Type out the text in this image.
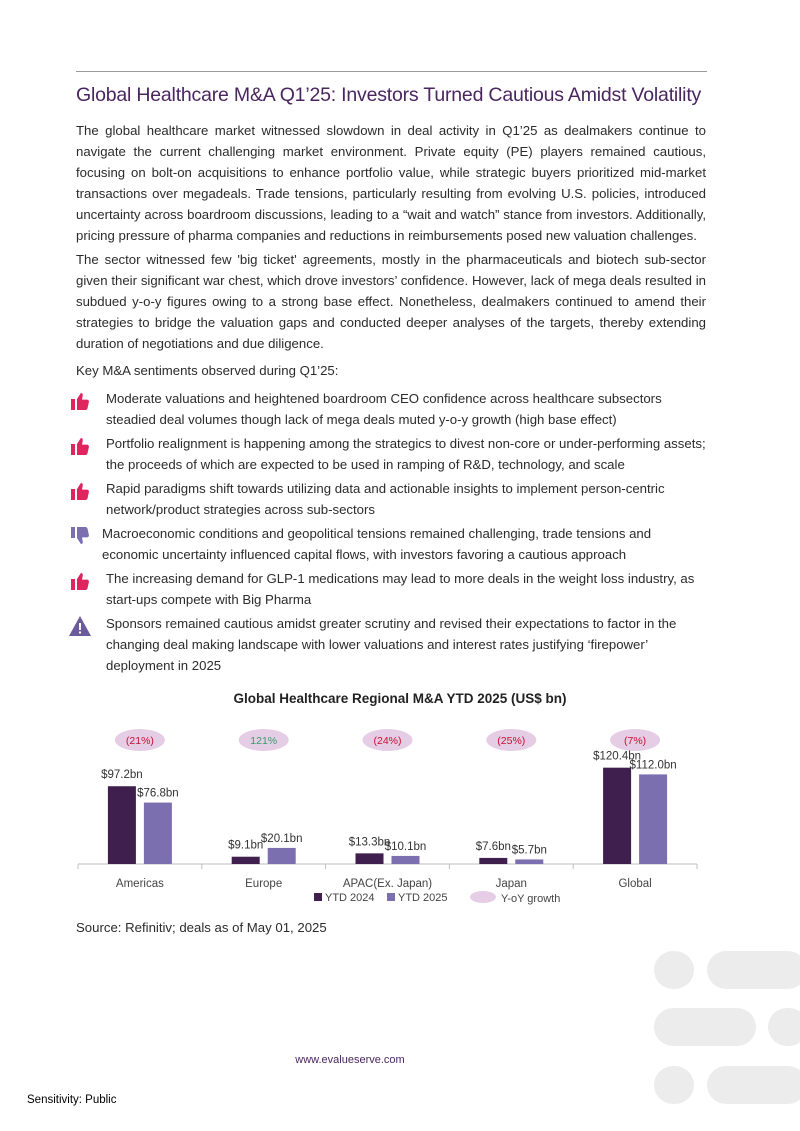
Global Healthcare M&A Q1’25: Investors Turned Cautious Amidst Volatility

The global healthcare market witnessed slowdown in deal activity in Q1’25 as dealmakers continue to navigate the current challenging market environment. Private equity (PE) players remained cautious, focusing on bolt-on acquisitions to enhance portfolio value, while strategic buyers prioritized mid-market transactions over megadeals. Trade tensions, particularly resulting from evolving U.S. policies, introduced uncertainty across boardroom discussions, leading to a “wait and watch” stance from investors. Additionally, pricing pressure of pharma companies and reductions in reimbursements posed new valuation challenges.

The sector witnessed few 'big ticket' agreements, mostly in the pharmaceuticals and biotech sub-sector given their significant war chest, which drove investors’ confidence. However, lack of mega deals resulted in subdued y-o-y figures owing to a strong base effect. Nonetheless, dealmakers continued to amend their strategies to bridge the valuation gaps and conducted deeper analyses of the targets, thereby extending duration of negotiations and due diligence.

Key M&A sentiments observed during Q1’25:
Moderate valuations and heightened boardroom CEO confidence across healthcare subsectors steadied deal volumes though lack of mega deals muted y-o-y growth (high base effect)
Portfolio realignment is happening among the strategics to divest non-core or under-performing assets; the proceeds of which are expected to be used in ramping of R&D, technology, and scale
Rapid paradigms shift towards utilizing data and actionable insights to implement person-centric network/product strategies across sub-sectors
Macroeconomic conditions and geopolitical tensions remained challenging, trade tensions and economic uncertainty influenced capital flows, with investors favoring a cautious approach
The increasing demand for GLP-1 medications may lead to more deals in the weight loss industry, as start-ups compete with Big Pharma
Sponsors remained cautious amidst greater scrutiny and revised their expectations to factor in the changing deal making landscape with lower valuations and interest rates justifying ‘firepower’ deployment in 2025
Global Healthcare Regional M&A YTD 2025 (US$ bn)
(21%)
$97.2bn
$76.8bn
Americas
121%
$9.1bn
$20.1bn
Europe
(24%)
$13.3bn
$10.1bn
APAC(Ex. Japan)
(25%)
$7.6bn $5.7bn
Japan
(7%)
$120.4bn
$112.0bn
Global
YTD 2024 YTD 2025	Y-oY growth
Source: Refinitiv; deals as of May 01, 2025
www.evalueserve.com
Sensitivity: Public
